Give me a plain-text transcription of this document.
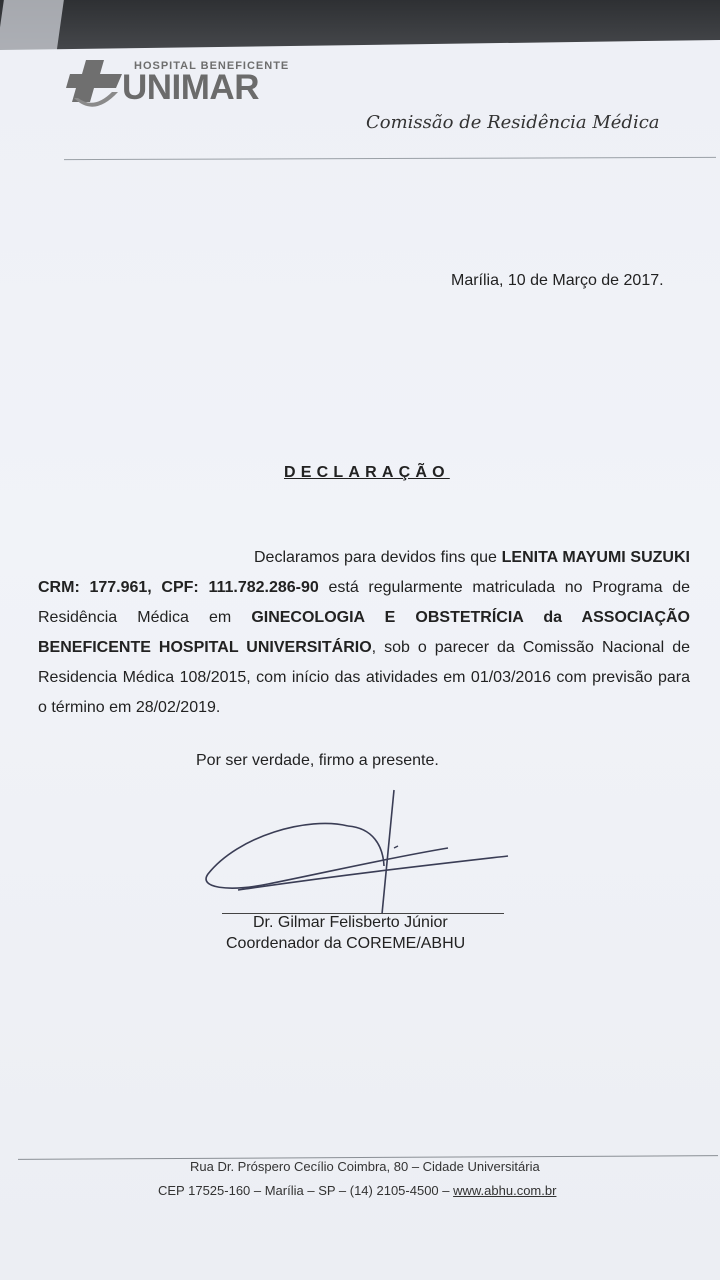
HOSPITAL BENEFICENTE
UNIMAR
Comissão de Residência Médica
Marília, 10 de Março de 2017.
DECLARAÇÃO
Declaramos para devidos fins que LENITA MAYUMI SUZUKI CRM: 177.961, CPF: 111.782.286-90 está regularmente matriculada no Programa de Residência Médica em GINECOLOGIA E OBSTETRÍCIA da ASSOCIAÇÃO BENEFICENTE HOSPITAL UNIVERSITÁRIO, sob o parecer da Comissão Nacional de Residencia Médica 108/2015, com início das atividades em 01/03/2016 com previsão para o término em 28/02/2019.
Por ser verdade, firmo a presente.
Dr. Gilmar Felisberto Júnior
Coordenador da COREME/ABHU
Rua Dr. Próspero Cecílio Coimbra, 80 – Cidade Universitária
CEP 17525-160 – Marília – SP – (14) 2105-4500 – www.abhu.com.br
